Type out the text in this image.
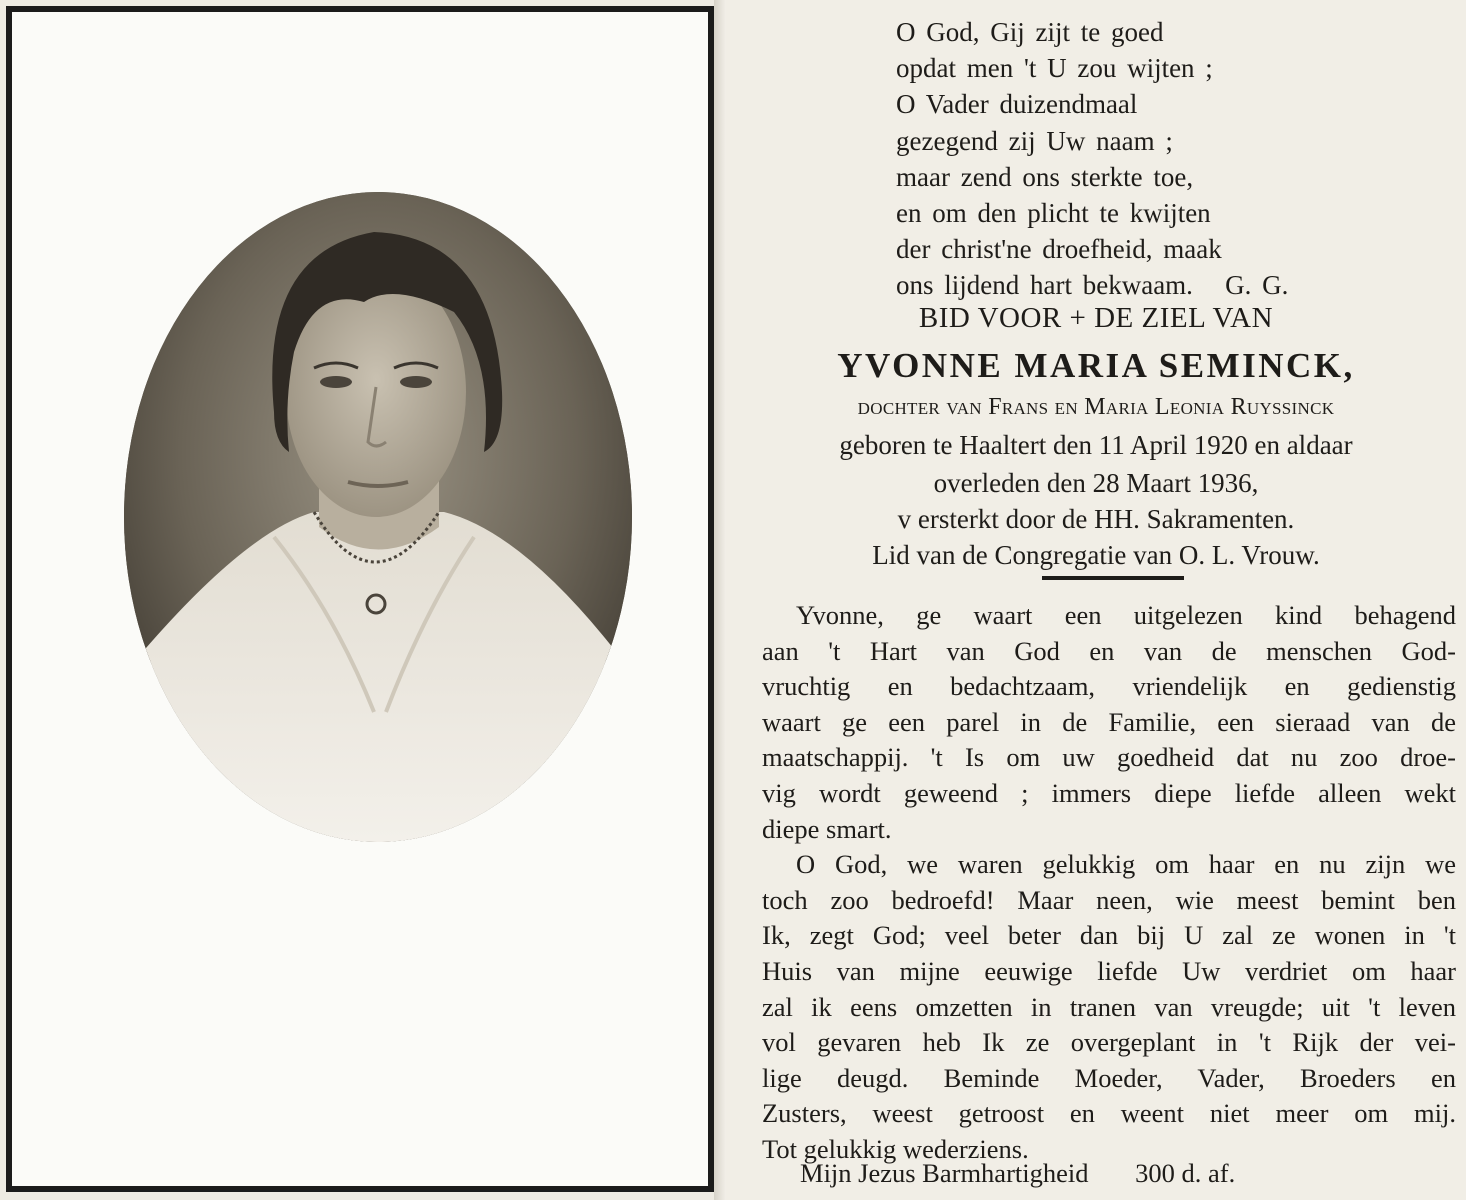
O God, Gij zijt te goed
opdat men 't U zou wijten ;
O Vader duizendmaal
gezegend zij Uw naam ;
maar zend ons sterkte toe,
en om den plicht te kwijten
der christ'ne droefheid, maak
ons lijdend hart bekwaam.   G. G.
BID VOOR + DE ZIEL VAN
YVONNE MARIA SEMINCK,
dochter van Frans en Maria Leonia Ruyssinck
geboren te Haaltert den 11 April 1920 en aldaar
overleden den 28 Maart 1936,
v ersterkt door de HH. Sakramenten.
Lid van de Congregatie van O. L. Vrouw.
Yvonne, ge waart een uitgelezen kind behagend
aan 't Hart van God en van de menschen God-
vruchtig en bedachtzaam, vriendelijk en gedienstig
waart ge een parel in de Familie, een sieraad van de
maatschappij. 't Is om uw goedheid dat nu zoo droe-
vig wordt geweend ; immers diepe liefde alleen wekt
diepe smart.
O God, we waren gelukkig om haar en nu zijn we
toch zoo bedroefd! Maar neen, wie meest bemint ben
Ik, zegt God; veel beter dan bij U zal ze wonen in 't
Huis van mijne eeuwige liefde Uw verdriet om haar
zal ik eens omzetten in tranen van vreugde; uit 't leven
vol gevaren heb Ik ze overgeplant in 't Rijk der vei-
lige deugd. Beminde Moeder, Vader, Broeders en
Zusters, weest getroost en weent niet meer om mij.
Tot gelukkig wederziens.
Mijn Jezus Barmhartigheid 300 d. af.
